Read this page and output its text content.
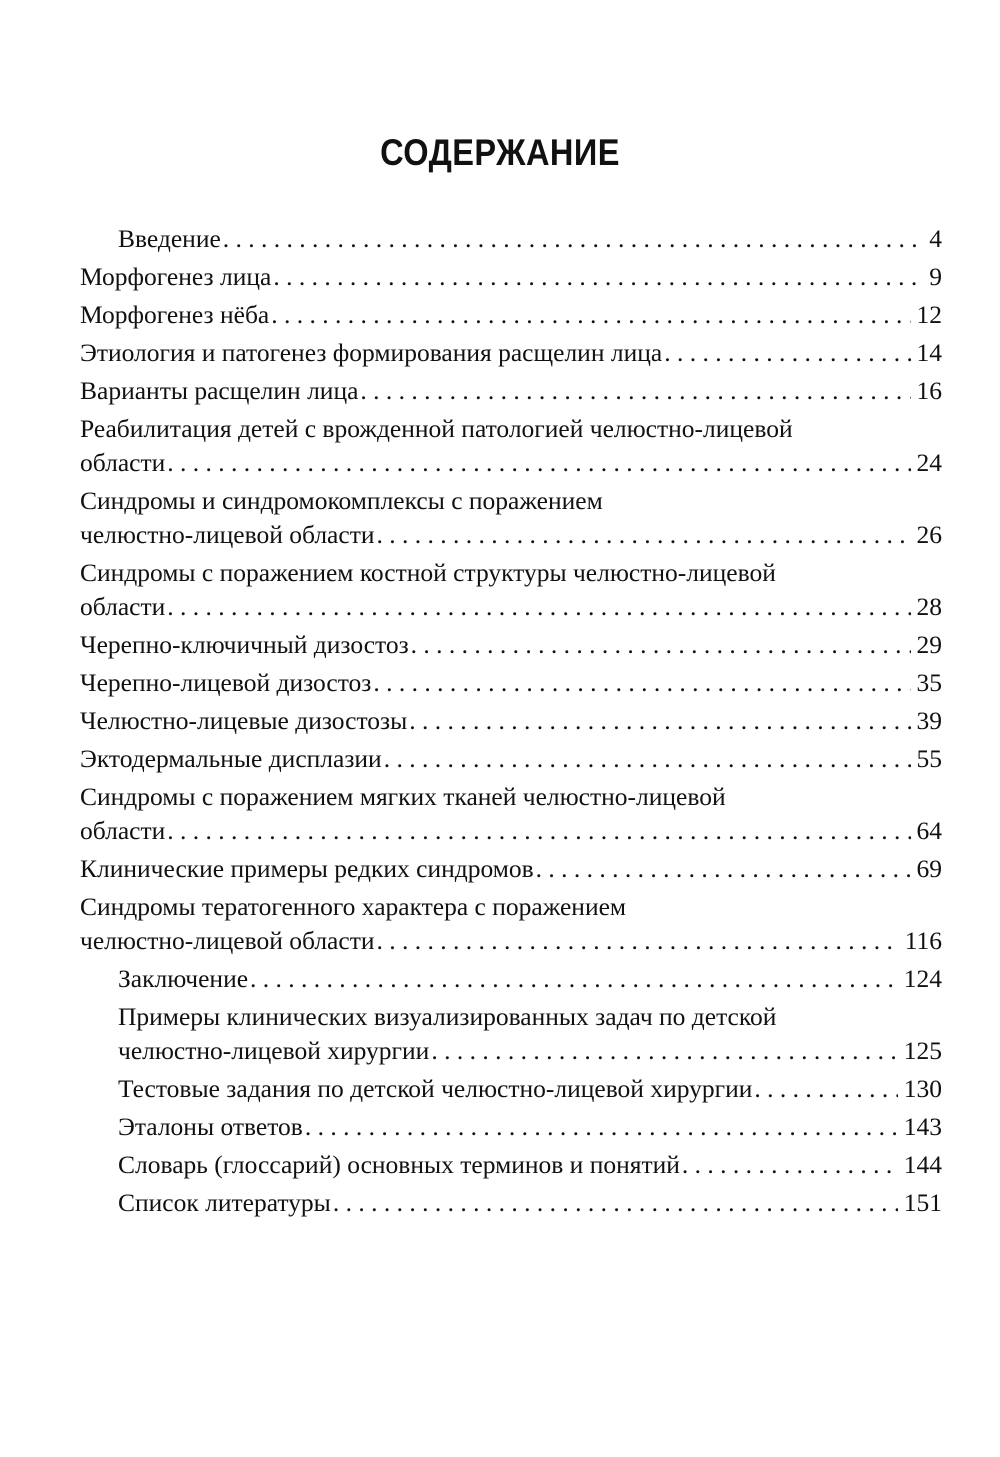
СОДЕРЖАНИЕ
Введение . . .	4
Морфогенез лица . . .	9
Морфогенез нёба . . .	12
Этиология и патогенез формирования расщелин лица . . .	14
Варианты расщелин лица . . .	16
Реабилитация детей с врожденной патологией челюстно-лицевой
области . . .	24
Синдромы и синдромокомплексы с поражением
челюстно-лицевой области . . .	26
Синдромы с поражением костной структуры челюстно-лицевой
области . . .	28
Черепно-ключичный дизостоз . . .	29
Черепно-лицевой дизостоз . . .	35
Челюстно-лицевые дизостозы . . .	39
Эктодермальные дисплазии . . .	55
Синдромы с поражением мягких тканей челюстно-лицевой
области . . .	64
Клинические примеры редких синдромов . . .	69
Синдромы тератогенного характера с поражением
челюстно-лицевой области . . .	116
Заключение . . .	124
Примеры клинических визуализированных задач по детской
челюстно-лицевой хирургии . . .	125
Тестовые задания по детской челюстно-лицевой хирургии . . .	130
Эталоны ответов . . .	143
Словарь (глоссарий) основных терминов и понятий . . .	144
Список литературы . . .	151
